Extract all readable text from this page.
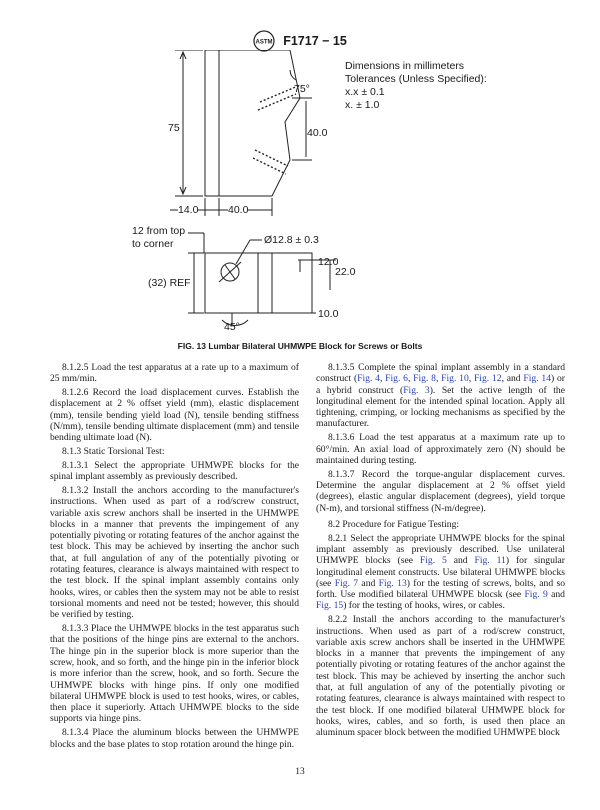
ASTM F1717 − 15
Dimensions in millimeters
Tolerances (Unless Specified):
x.x ± 0.1
x. ± 1.0
75°
75	40.0
14.0	40.0
12 from top
to corner	Ø12.8 ± 0.3
(32) REF
12.0
22.0
10.0
45°
FIG. 13 Lumbar Bilateral UHMWPE Block for Screws or Bolts

8.1.2.5 Load the test apparatus at a rate up to a maximum of 25 mm/min.

8.1.2.6 Record the load displacement curves. Establish the displacement at 2 % offset yield (mm), elastic displacement (mm), tensile bending yield load (N), tensile bending stiffness (N/mm), tensile bending ultimate displacement (mm) and tensile bending ultimate load (N).

8.1.3 Static Torsional Test:

8.1.3.1 Select the appropriate UHMWPE blocks for the spinal implant assembly as previously described.

8.1.3.2 Install the anchors according to the manufacturer's instructions. When used as part of a rod/screw construct, variable axis screw anchors shall be inserted in the UHMWPE blocks in a manner that prevents the impingement of any potentially pivoting or rotating features of the anchor against the test block. This may be achieved by inserting the anchor such that, at full angulation of any of the potentially pivoting or rotating features, clearance is always maintained with respect to the test block. If the spinal implant assembly contains only hooks, wires, or cables then the system may not be able to resist torsional moments and need not be tested; however, this should be verified by testing.

8.1.3.3 Place the UHMWPE blocks in the test apparatus such that the positions of the hinge pins are external to the anchors. The hinge pin in the superior block is more superior than the screw, hook, and so forth, and the hinge pin in the inferior block is more inferior than the screw, hook, and so forth. Secure the UHMWPE blocks with hinge pins. If only one modified bilateral UHMWPE block is used to test hooks, wires, or cables, then place it superiorly. Attach UHMWPE blocks to the side supports via hinge pins.

8.1.3.4 Place the aluminum blocks between the UHMWPE blocks and the base plates to stop rotation around the hinge pin.

8.1.3.5 Complete the spinal implant assembly in a standard construct (Fig. 4, Fig. 6, Fig. 8, Fig. 10, Fig. 12, and Fig. 14) or a hybrid construct (Fig. 3). Set the active length of the longitudinal element for the intended spinal location. Apply all tightening, crimping, or locking mechanisms as specified by the manufacturer.

8.1.3.6 Load the test apparatus at a maximum rate up to 60°/min. An axial load of approximately zero (N) should be maintained during testing.

8.1.3.7 Record the torque-angular displacement curves. Determine the angular displacement at 2 % offset yield (degrees), elastic angular displacement (degrees), yield torque (N-m), and torsional stiffness (N-m/degree).

8.2 Procedure for Fatigue Testing:

8.2.1 Select the appropriate UHMWPE blocks for the spinal implant assembly as previously described. Use unilateral UHMWPE blocks (see Fig. 5 and Fig. 11) for singular longitudinal element constructs. Use bilateral UHMWPE blocks (see Fig. 7 and Fig. 13) for the testing of screws, bolts, and so forth. Use modified bilateral UHMWPE blocsk (see Fig. 9 and Fig. 15) for the testing of hooks, wires, or cables.

8.2.2 Install the anchors according to the manufacturer's instructions. When used as part of a rod/screw construct, variable axis screw anchors shall be inserted in the UHMWPE blocks in a manner that prevents the impingement of any potentially pivoting or rotating features of the anchor against the test block. This may be achieved by inserting the anchor such that, at full angulation of any of the potentially pivoting or rotating features, clearance is always maintained with respect to the test block. If one modified bilateral UHMWPE block for hooks, wires, cables, and so forth, is used then place an aluminum spacer block between the modified UHMWPE block

13
